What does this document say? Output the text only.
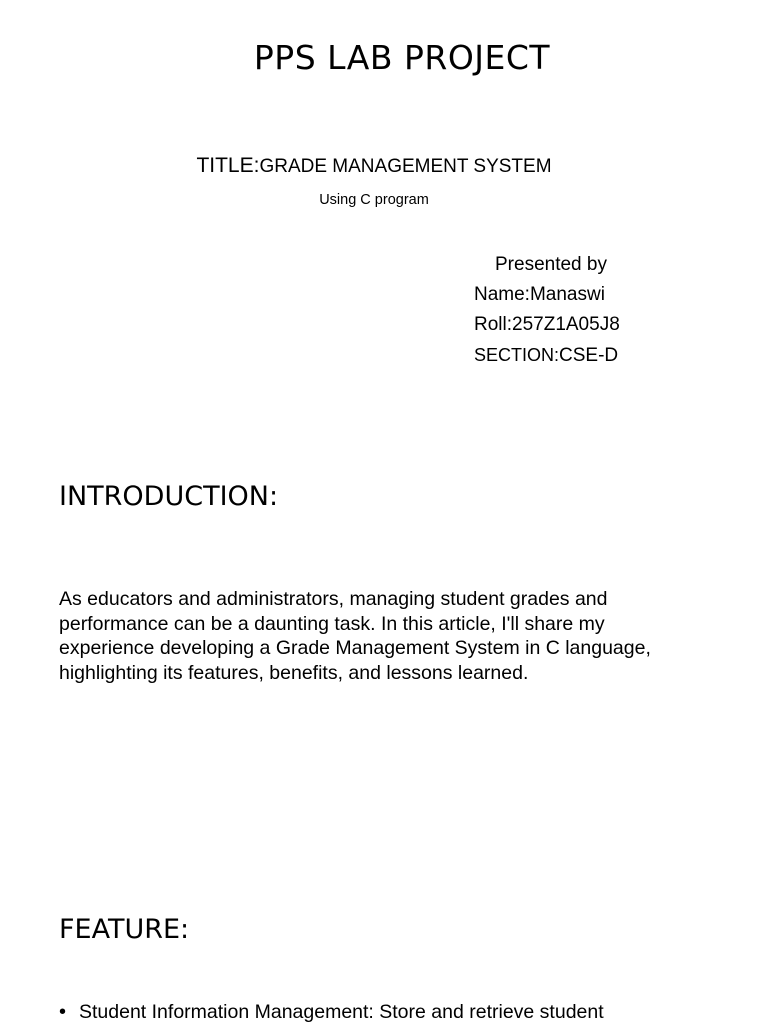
PPS LAB PROJECT
TITLE:GRADE MANAGEMENT SYSTEM
Using C program
Presented by
Name:Manaswi
Roll:257Z1A05J8
SECTION:CSE-D
INTRODUCTION:
As educators and administrators, managing student grades and
performance can be a daunting task. In this article, I'll share my
experience developing a Grade Management System in C language,
highlighting its features, benefits, and lessons learned.
FEATURE:
• Student Information Management: Store and retrieve student
